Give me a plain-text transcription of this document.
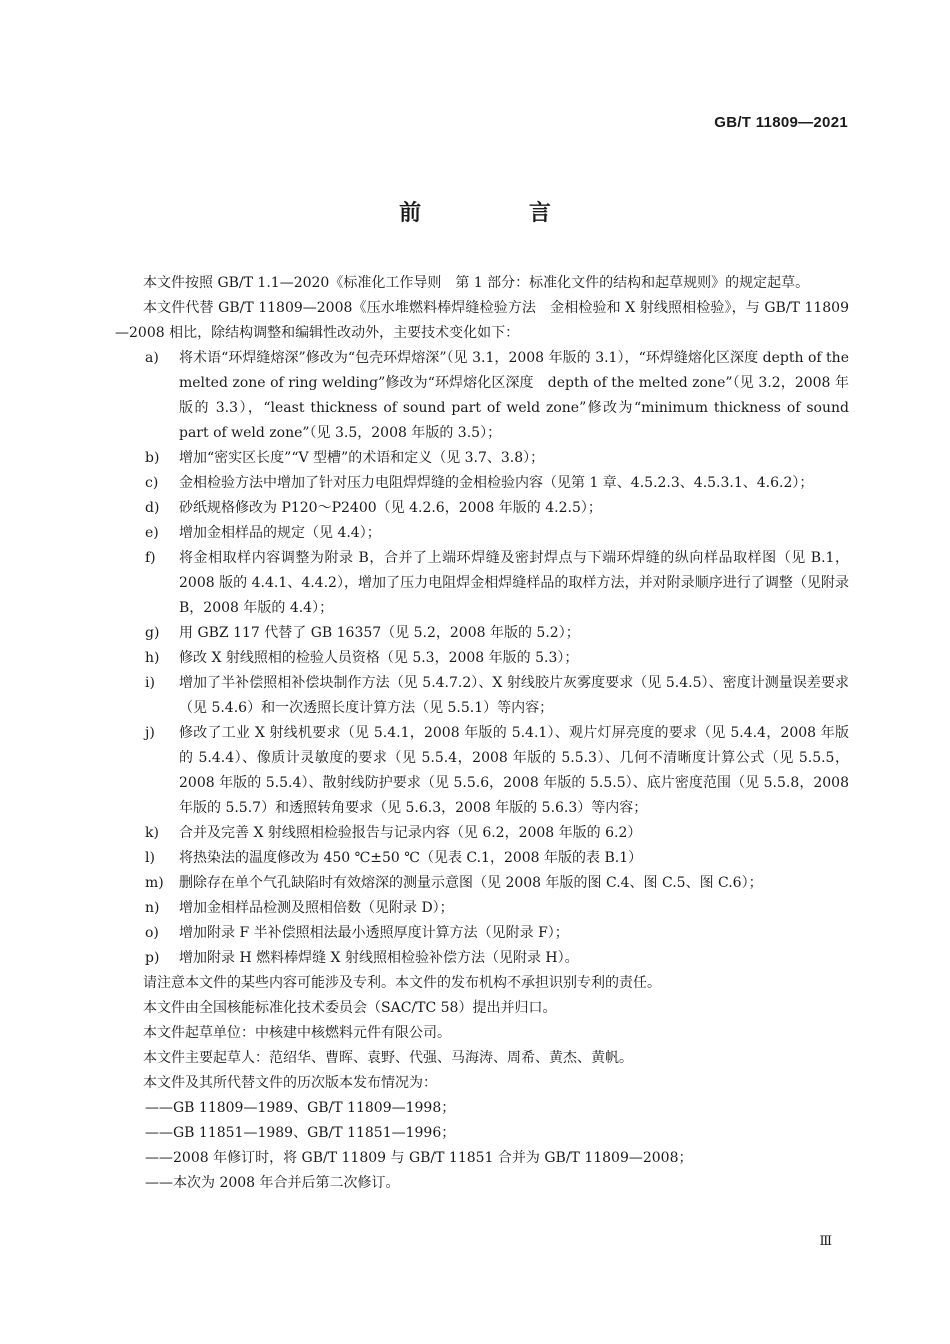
GB/T 11809—2021
前 言

本文件按照 GB/T 1.1—2020《标准化工作导则　第 1 部分：标准化文件的结构和起草规则》的规定起草。

本文件代替 GB/T 11809—2008《压水堆燃料棒焊缝检验方法　金相检验和 X 射线照相检验》，与 GB/T 11809—2008 相比，除结构调整和编辑性改动外，主要技术变化如下：

a)	将术语“环焊缝熔深”修改为“包壳环焊熔深”（见 3.1，2008 年版的 3.1），“环焊缝熔化区深度 depth of the melted zone of ring welding”修改为“环焊熔化区深度　depth of the melted zone”（见 3.2，2008 年版的 3.3），“least thickness of sound part of weld zone”修改为“minimum thickness of sound part of weld zone”（见 3.5，2008 年版的 3.5）；
b)	增加“密实区长度”“V 型槽”的术语和定义（见 3.7、3.8）；
c)	金相检验方法中增加了针对压力电阻焊焊缝的金相检验内容（见第 1 章、4.5.2.3、4.5.3.1、4.6.2）；
d)	砂纸规格修改为 P120～P2400（见 4.2.6，2008 年版的 4.2.5）；
e)	增加金相样品的规定（见 4.4）；
f)	将金相取样内容调整为附录 B，合并了上端环焊缝及密封焊点与下端环焊缝的纵向样品取样图（见 B.1，2008 版的 4.4.1、4.4.2），增加了压力电阻焊金相焊缝样品的取样方法，并对附录顺序进行了调整（见附录 B，2008 年版的 4.4）；
g)	用 GBZ 117 代替了 GB 16357（见 5.2，2008 年版的 5.2）；
h)	修改 X 射线照相的检验人员资格（见 5.3，2008 年版的 5.3）；
i)	增加了半补偿照相补偿块制作方法（见 5.4.7.2）、X 射线胶片灰雾度要求（见 5.4.5）、密度计测量误差要求（见 5.4.6）和一次透照长度计算方法（见 5.5.1）等内容；
j)	修改了工业 X 射线机要求（见 5.4.1，2008 年版的 5.4.1）、观片灯屏亮度的要求（见 5.4.4，2008 年版的 5.4.4）、像质计灵敏度的要求（见 5.5.4，2008 年版的 5.5.3）、几何不清晰度计算公式（见 5.5.5，2008 年版的 5.5.4）、散射线防护要求（见 5.5.6，2008 年版的 5.5.5）、底片密度范围（见 5.5.8，2008 年版的 5.5.7）和透照转角要求（见 5.6.3，2008 年版的 5.6.3）等内容；
k)	合并及完善 X 射线照相检验报告与记录内容（见 6.2，2008 年版的 6.2）
l)	将热染法的温度修改为 450 ℃±50 ℃（见表 C.1，2008 年版的表 B.1）
m)	删除存在单个气孔缺陷时有效熔深的测量示意图（见 2008 年版的图 C.4、图 C.5、图 C.6）；
n)	增加金相样品检测及照相倍数（见附录 D）；
o)	增加附录 F 半补偿照相法最小透照厚度计算方法（见附录 F）；
p)	增加附录 H 燃料棒焊缝 X 射线照相检验补偿方法（见附录 H）。

请注意本文件的某些内容可能涉及专利。本文件的发布机构不承担识别专利的责任。

本文件由全国核能标准化技术委员会（SAC/TC 58）提出并归口。

本文件起草单位：中核建中核燃料元件有限公司。

本文件主要起草人：范绍华、曹晖、袁野、代强、马海涛、周希、黄杰、黄帆。

本文件及其所代替文件的历次版本发布情况为：

——GB 11809—1989、GB/T 11809—1998；

——GB 11851—1989、GB/T 11851—1996；

——2008 年修订时，将 GB/T 11809 与 GB/T 11851 合并为 GB/T 11809—2008；

——本次为 2008 年合并后第二次修订。

Ⅲ
